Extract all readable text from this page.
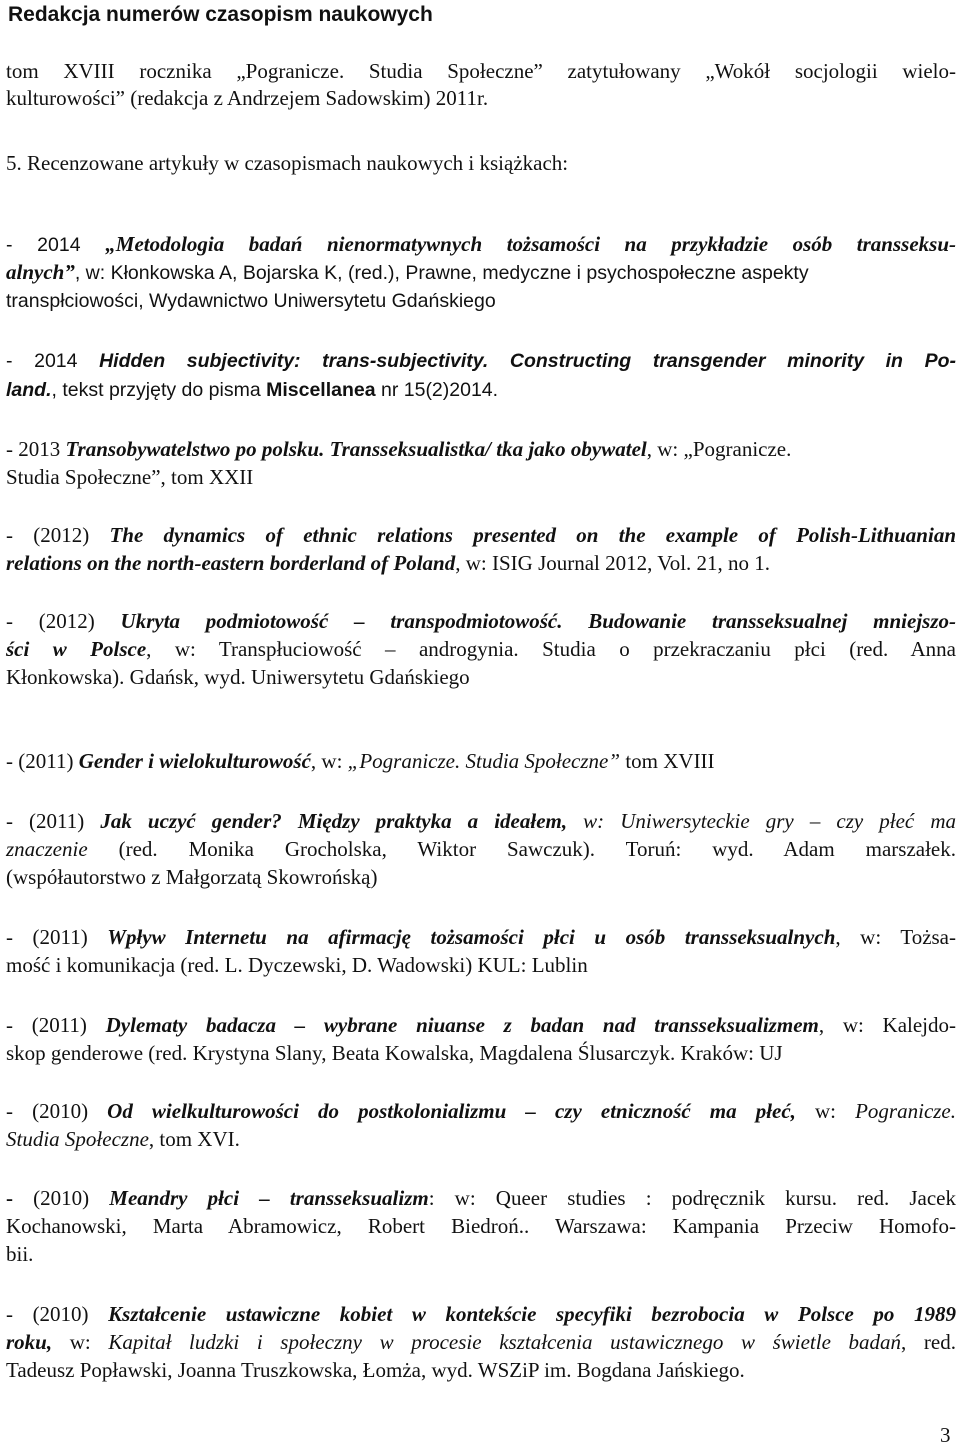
Redakcja numerów czasopism naukowych
tom XVIII rocznika „Pogranicze. Studia Społeczne” zatytułowany „Wokół socjologii wielo-
kulturowości” (redakcja z Andrzejem Sadowskim) 2011r.
5. Recenzowane artykuły w czasopismach naukowych i książkach:
- 2014 „Metodologia badań nienormatywnych tożsamości na przykładzie osób transseksu-
alnych”, w: Kłonkowska A, Bojarska K, (red.), Prawne, medyczne i psychospołeczne aspekty
transpłciowości, Wydawnictwo Uniwersytetu Gdańskiego
- 2014 Hidden subjectivity: trans-subjectivity. Constructing transgender minority in Po-
land., tekst przyjęty do pisma Miscellanea nr 15(2)2014.
- 2013 Transobywatelstwo po polsku. Transseksualistka/ tka jako obywatel, w: „Pogranicze.
Studia Społeczne”, tom XXII
- (2012) The dynamics of ethnic relations presented on the example of Polish-Lithuanian
relations on the north-eastern borderland of Poland, w: ISIG Journal 2012, Vol. 21, no 1.
- (2012) Ukryta podmiotowość – transpodmiotowość. Budowanie transseksualnej mniejszo-
ści w Polsce, w: Transpłuciowość – androgynia. Studia o przekraczaniu płci (red. Anna
Kłonkowska). Gdańsk, wyd. Uniwersytetu Gdańskiego
- (2011) Gender i wielokulturowość, w: „Pogranicze. Studia Społeczne” tom XVIII
- (2011) Jak uczyć gender? Między praktyka a ideałem, w: Uniwersyteckie gry – czy płeć ma
znaczenie (red. Monika Grocholska, Wiktor Sawczuk). Toruń: wyd. Adam marszałek.
(współautorstwo z Małgorzatą Skowrońską)
- (2011) Wpływ Internetu na afirmację tożsamości płci u osób transseksualnych, w: Tożsa-
mość i komunikacja (red. L. Dyczewski, D. Wadowski) KUL: Lublin
- (2011) Dylematy badacza – wybrane niuanse z badan nad transseksualizmem, w: Kalejdo-
skop genderowe (red. Krystyna Slany, Beata Kowalska, Magdalena Ślusarczyk. Kraków: UJ
- (2010) Od wielkulturowości do postkolonializmu – czy etniczność ma płeć, w: Pogranicze.
Studia Społeczne, tom XVI.
- (2010) Meandry płci – transseksualizm: w: Queer studies : podręcznik kursu. red. Jacek
Kochanowski, Marta Abramowicz, Robert Biedroń.. Warszawa: Kampania Przeciw Homofo-
bii.
- (2010) Kształcenie ustawiczne kobiet w kontekście specyfiki bezrobocia w Polsce po 1989
roku, w: Kapitał ludzki i społeczny w procesie kształcenia ustawicznego w świetle badań, red.
Tadeusz Popławski, Joanna Truszkowska, Łomża, wyd. WSZiP im. Bogdana Jańskiego.
3
